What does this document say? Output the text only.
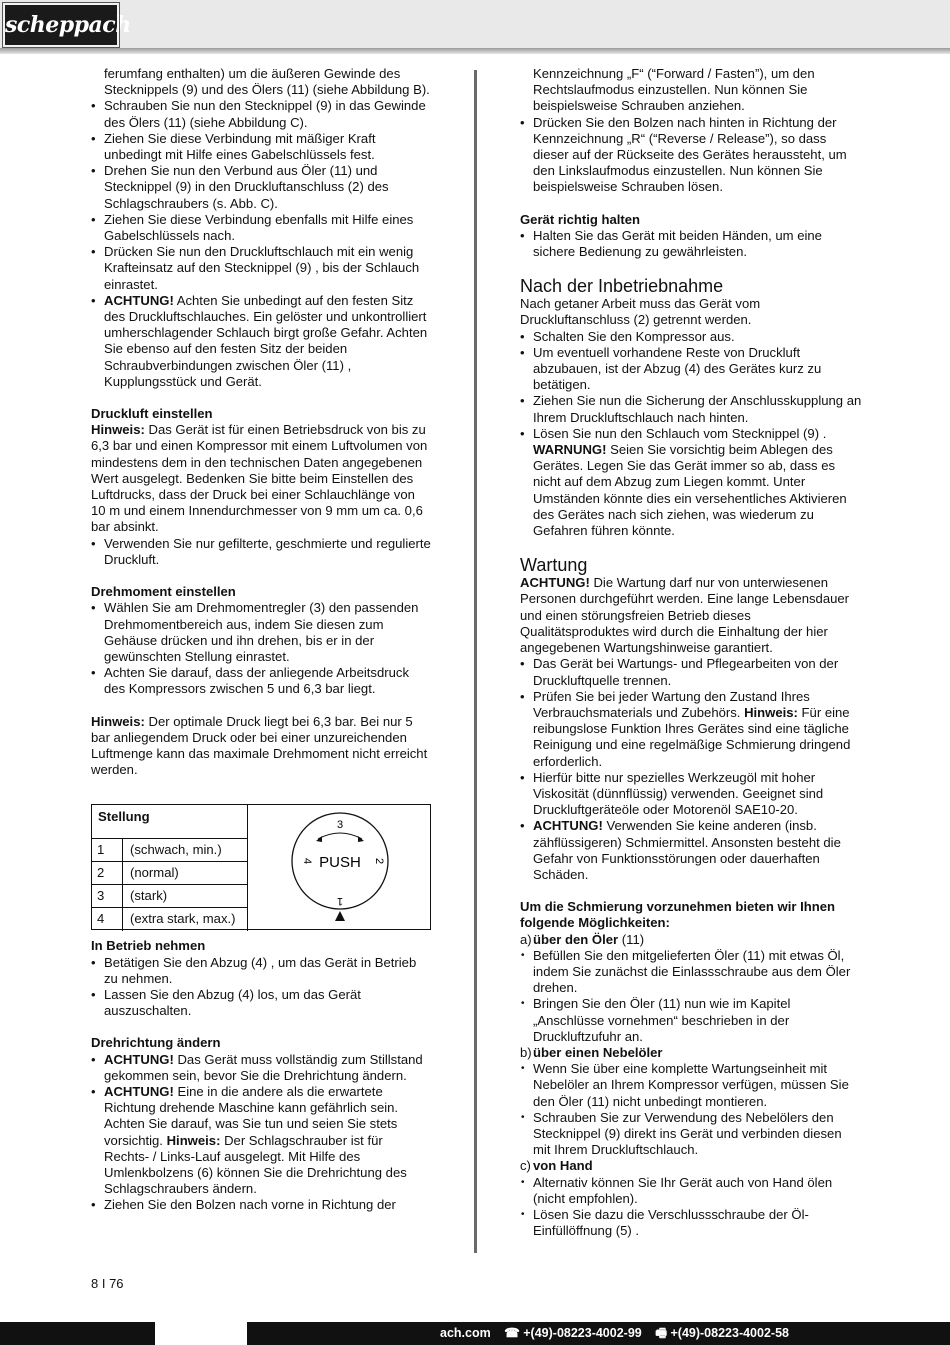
scheppach

ferumfang enthalten) um die äußeren Gewinde des Stecknippels (9) und des Ölers (11) (siehe Abbildung B).

• Schrauben Sie nun den Stecknippel (9) in das Gewinde des Ölers (11) (siehe Abbildung C).
• Ziehen Sie diese Verbindung mit mäßiger Kraft unbedingt mit Hilfe eines Gabelschlüssels fest.
• Drehen Sie nun den Verbund aus Öler (11) und Stecknippel (9) in den Druckluftanschluss (2) des Schlagschraubers (s. Abb. C).
• Ziehen Sie diese Verbindung ebenfalls mit Hilfe eines Gabelschlüssels nach.
• Drücken Sie nun den Druckluftschlauch mit ein wenig Krafteinsatz auf den Stecknippel (9) , bis der Schlauch einrastet.
• ACHTUNG! Achten Sie unbedingt auf den festen Sitz des Druckluftschlauches. Ein gelöster und unkontrolliert umherschlagender Schlauch birgt große Gefahr. Achten Sie ebenso auf den festen Sitz der beiden Schraubverbindungen zwischen Öler (11) , Kupplungsstück und Gerät.
Druckluft einstellen

Hinweis: Das Gerät ist für einen Betriebsdruck von bis zu 6,3 bar und einen Kompressor mit einem Luftvolumen von mindestens dem in den technischen Daten angegebenen Wert ausgelegt. Bedenken Sie bitte beim Einstellen des Luftdrucks, dass der Druck bei einer Schlauchlänge von 10 m und einem Innendurchmesser von 9 mm um ca. 0,6 bar absinkt.

• Verwenden Sie nur gefilterte, geschmierte und regulierte Druckluft.
Drehmoment einstellen
• Wählen Sie am Drehmomentregler (3) den passenden Drehmomentbereich aus, indem Sie diesen zum Gehäuse drücken und ihn drehen, bis er in der gewünschten Stellung einrastet.
• Achten Sie darauf, dass der anliegende Arbeitsdruck des Kompressors zwischen 5 und 6,3 bar liegt.

Hinweis: Der optimale Druck liegt bei 6,3 bar. Bei nur 5 bar anliegendem Druck oder bei einer unzureichenden Luftmenge kann das maximale Drehmoment nicht erreicht werden.

Stellung
1	(schwach, min.)
2	(normal)
3	(stark)
4	(extra stark, max.)
3
PUSH
4	2
1
In Betrieb nehmen
• Betätigen Sie den Abzug (4) , um das Gerät in Betrieb zu nehmen.
• Lassen Sie den Abzug (4) los, um das Gerät auszuschalten.
Drehrichtung ändern
• ACHTUNG! Das Gerät muss vollständig zum Stillstand gekommen sein, bevor Sie die Drehrichtung ändern.
• ACHTUNG! Eine in die andere als die erwartete Richtung drehende Maschine kann gefährlich sein. Achten Sie darauf, was Sie tun und seien Sie stets vorsichtig. Hinweis: Der Schlagschrauber ist für Rechts- / Links-Lauf ausgelegt. Mit Hilfe des Umlenkbolzens (6) können Sie die Drehrichtung des Schlagschraubers ändern.
• Ziehen Sie den Bolzen nach vorne in Richtung der

Kennzeichnung „F“ (“Forward / Fasten”), um den Rechtslaufmodus einzustellen. Nun können Sie beispielsweise Schrauben anziehen.

• Drücken Sie den Bolzen nach hinten in Richtung der Kennzeichnung „R“ (“Reverse / Release”), so dass dieser auf der Rückseite des Gerätes heraussteht, um den Linkslaufmodus einzustellen. Nun können Sie beispielsweise Schrauben lösen.
Gerät richtig halten
• Halten Sie das Gerät mit beiden Händen, um eine sichere Bedienung zu gewährleisten.
Nach der Inbetriebnahme

Nach getaner Arbeit muss das Gerät vom Druckluftanschluss (2) getrennt werden.

• Schalten Sie den Kompressor aus.
• Um eventuell vorhandene Reste von Druckluft abzubauen, ist der Abzug (4) des Gerätes kurz zu betätigen.
• Ziehen Sie nun die Sicherung der Anschlusskupplung an Ihrem Druckluftschlauch nach hinten.
• Lösen Sie nun den Schlauch vom Stecknippel (9) .
WARNUNG! Seien Sie vorsichtig beim Ablegen des Gerätes. Legen Sie das Gerät immer so ab, dass es nicht auf dem Abzug zum Liegen kommt. Unter Umständen könnte dies ein versehentliches Aktivieren des Gerätes nach sich ziehen, was wiederum zu Gefahren führen könnte.
Wartung

ACHTUNG! Die Wartung darf nur von unterwiesenen Personen durchgeführt werden. Eine lange Lebensdauer und einen störungsfreien Betrieb dieses Qualitätsproduktes wird durch die Einhaltung der hier angegebenen Wartungshinweise garantiert.

• Das Gerät bei Wartungs- und Pflegearbeiten von der Druckluftquelle trennen.
• Prüfen Sie bei jeder Wartung den Zustand Ihres Verbrauchsmaterials und Zubehörs. Hinweis: Für eine reibungslose Funktion Ihres Gerätes sind eine tägliche Reinigung und eine regelmäßige Schmierung dringend erforderlich.
• Hierfür bitte nur spezielles Werkzeugöl mit hoher Viskosität (dünnflüssig) verwenden. Geeignet sind Druckluftgeräteöle oder Motorenöl SAE10-20.
• ACHTUNG! Verwenden Sie keine anderen (insb. zähflüssigeren) Schmiermittel. Ansonsten besteht die Gefahr von Funktionsstörungen oder dauerhaften Schäden.
Um die Schmierung vorzunehmen bieten wir Ihnen folgende Möglichkeiten:

a)über den Öler (11)

• Befüllen Sie den mitgelieferten Öler (11) mit etwas Öl, indem Sie zunächst die Einlassschraube aus dem Öler drehen.
• Bringen Sie den Öler (11) nun wie im Kapitel „Anschlüsse vornehmen“ beschrieben in der Druckluftzufuhr an.

b)über einen Nebelöler

• Wenn Sie über eine komplette Wartungseinheit mit Nebelöler an Ihrem Kompressor verfügen, müssen Sie den Öler (11) nicht unbedingt montieren.
• Schrauben Sie zur Verwendung des Nebelölers den Stecknippel (9) direkt ins Gerät und verbinden diesen mit Ihrem Druckluftschlauch.

c) von Hand

• Alternativ können Sie Ihr Gerät auch von Hand ölen (nicht empfohlen).
• Lösen Sie dazu die Verschlussschraube der Öl-Einfüllöffnung (5) .
8 I 76
ach.com ☎ +(49)-08223-4002-99 🖷 +(49)-08223-4002-58
